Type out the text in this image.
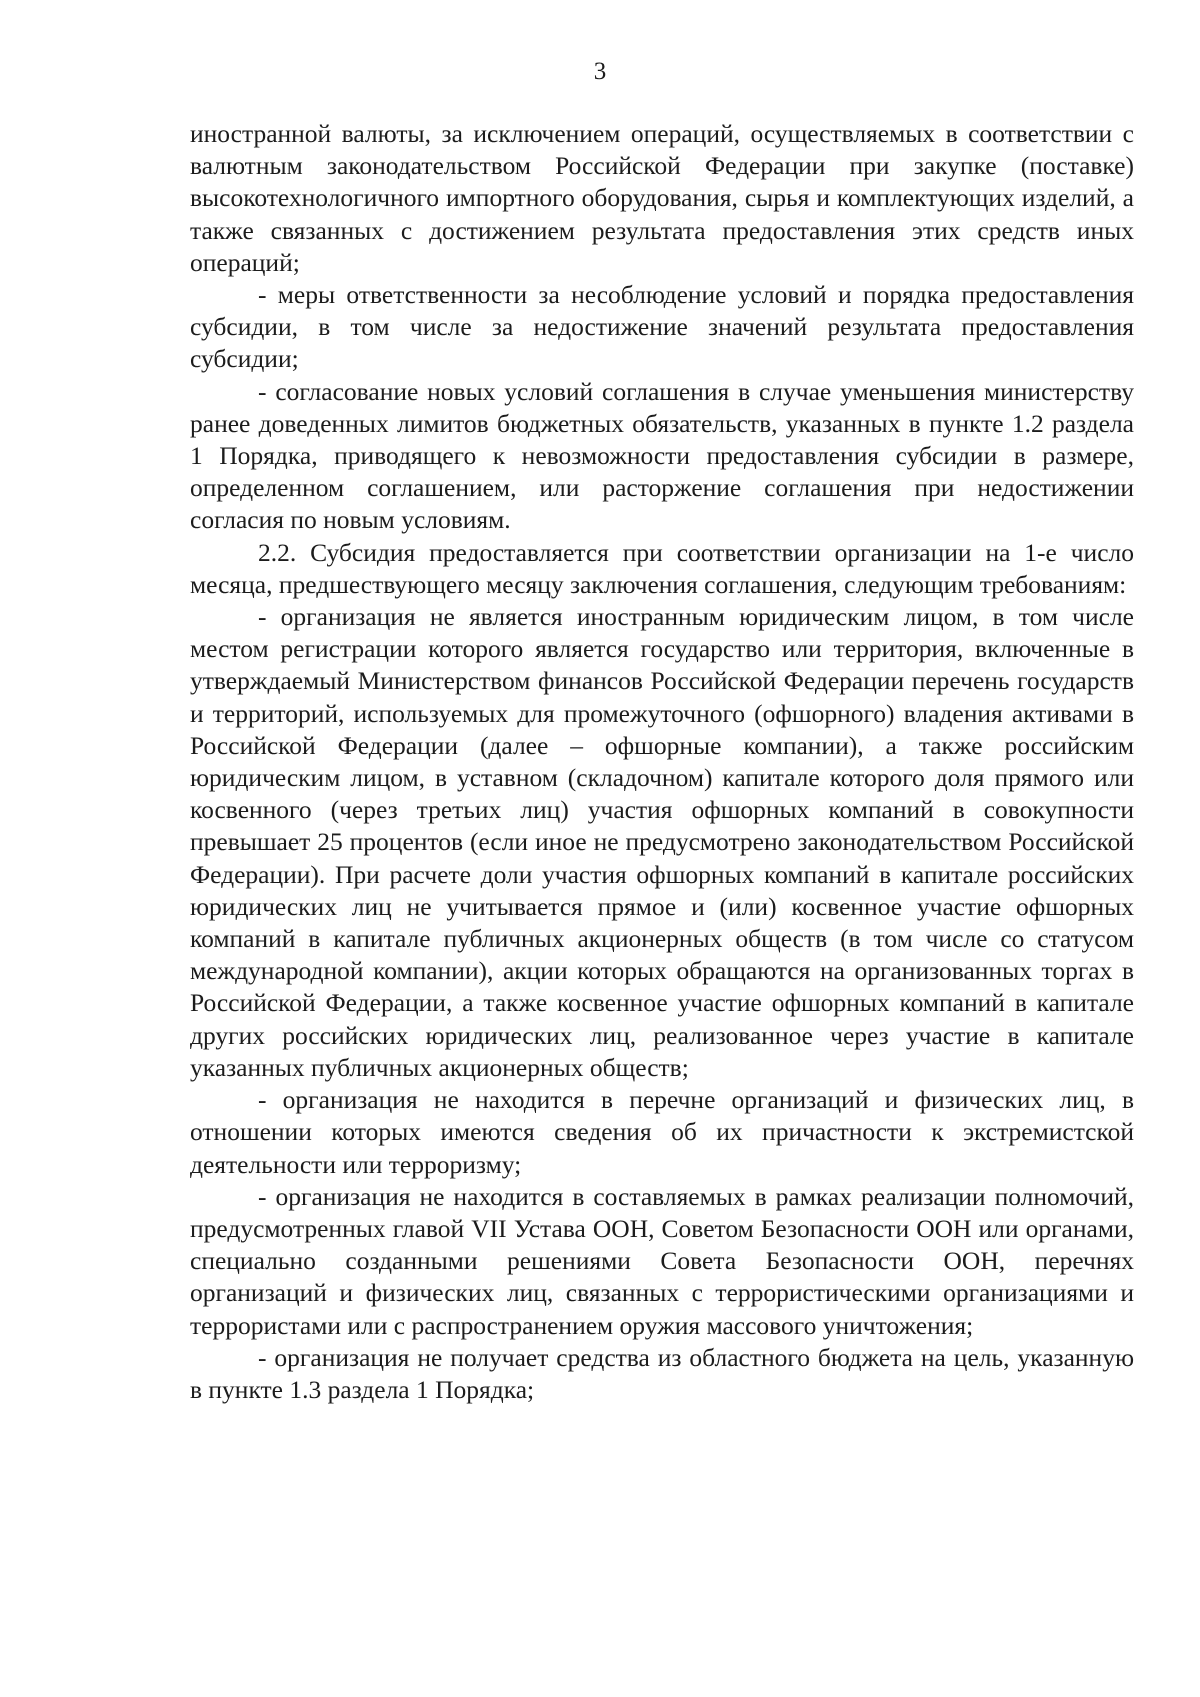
3

иностранной валюты, за исключением операций, осуществляемых в соответствии с валютным законодательством Российской Федерации при закупке (поставке) высокотехнологичного импортного оборудования, сырья и комплектующих изделий, а также связанных с достижением результата предоставления этих средств иных операций;

- меры ответственности за несоблюдение условий и порядка предоставления субсидии, в том числе за недостижение значений результата предоставления субсидии;

- согласование новых условий соглашения в случае уменьшения министерству ранее доведенных лимитов бюджетных обязательств, указанных в пункте 1.2 раздела 1 Порядка, приводящего к невозможности предоставления субсидии в размере, определенном соглашением, или расторжение соглашения при недостижении согласия по новым условиям.

2.2. Субсидия предоставляется при соответствии организации на 1-е число месяца, предшествующего месяцу заключения соглашения, следующим требованиям:

- организация не является иностранным юридическим лицом, в том числе местом регистрации которого является государство или территория, включенные в утверждаемый Министерством финансов Российской Федерации перечень государств и территорий, используемых для промежуточного (офшорного) владения активами в Российской Федерации (далее – офшорные компании), а также российским юридическим лицом, в уставном (складочном) капитале которого доля прямого или косвенного (через третьих лиц) участия офшорных компаний в совокупности превышает 25 процентов (если иное не предусмотрено законодательством Российской Федерации). При расчете доли участия офшорных компаний в капитале российских юридических лиц не учитывается прямое и (или) косвенное участие офшорных компаний в капитале публичных акционерных обществ (в том числе со статусом международной компании), акции которых обращаются на организованных торгах в Российской Федерации, а также косвенное участие офшорных компаний в капитале других российских юридических лиц, реализованное через участие в капитале указанных публичных акционерных обществ;

- организация не находится в перечне организаций и физических лиц, в отношении которых имеются сведения об их причастности к экстремистской деятельности или терроризму;

- организация не находится в составляемых в рамках реализации полномочий, предусмотренных главой VII Устава ООН, Советом Безопасности ООН или органами, специально созданными решениями Совета Безопасности ООН, перечнях организаций и физических лиц, связанных с террористическими организациями и террористами или с распространением оружия массового уничтожения;

- организация не получает средства из областного бюджета на цель, указанную в пункте 1.3 раздела 1 Порядка;
